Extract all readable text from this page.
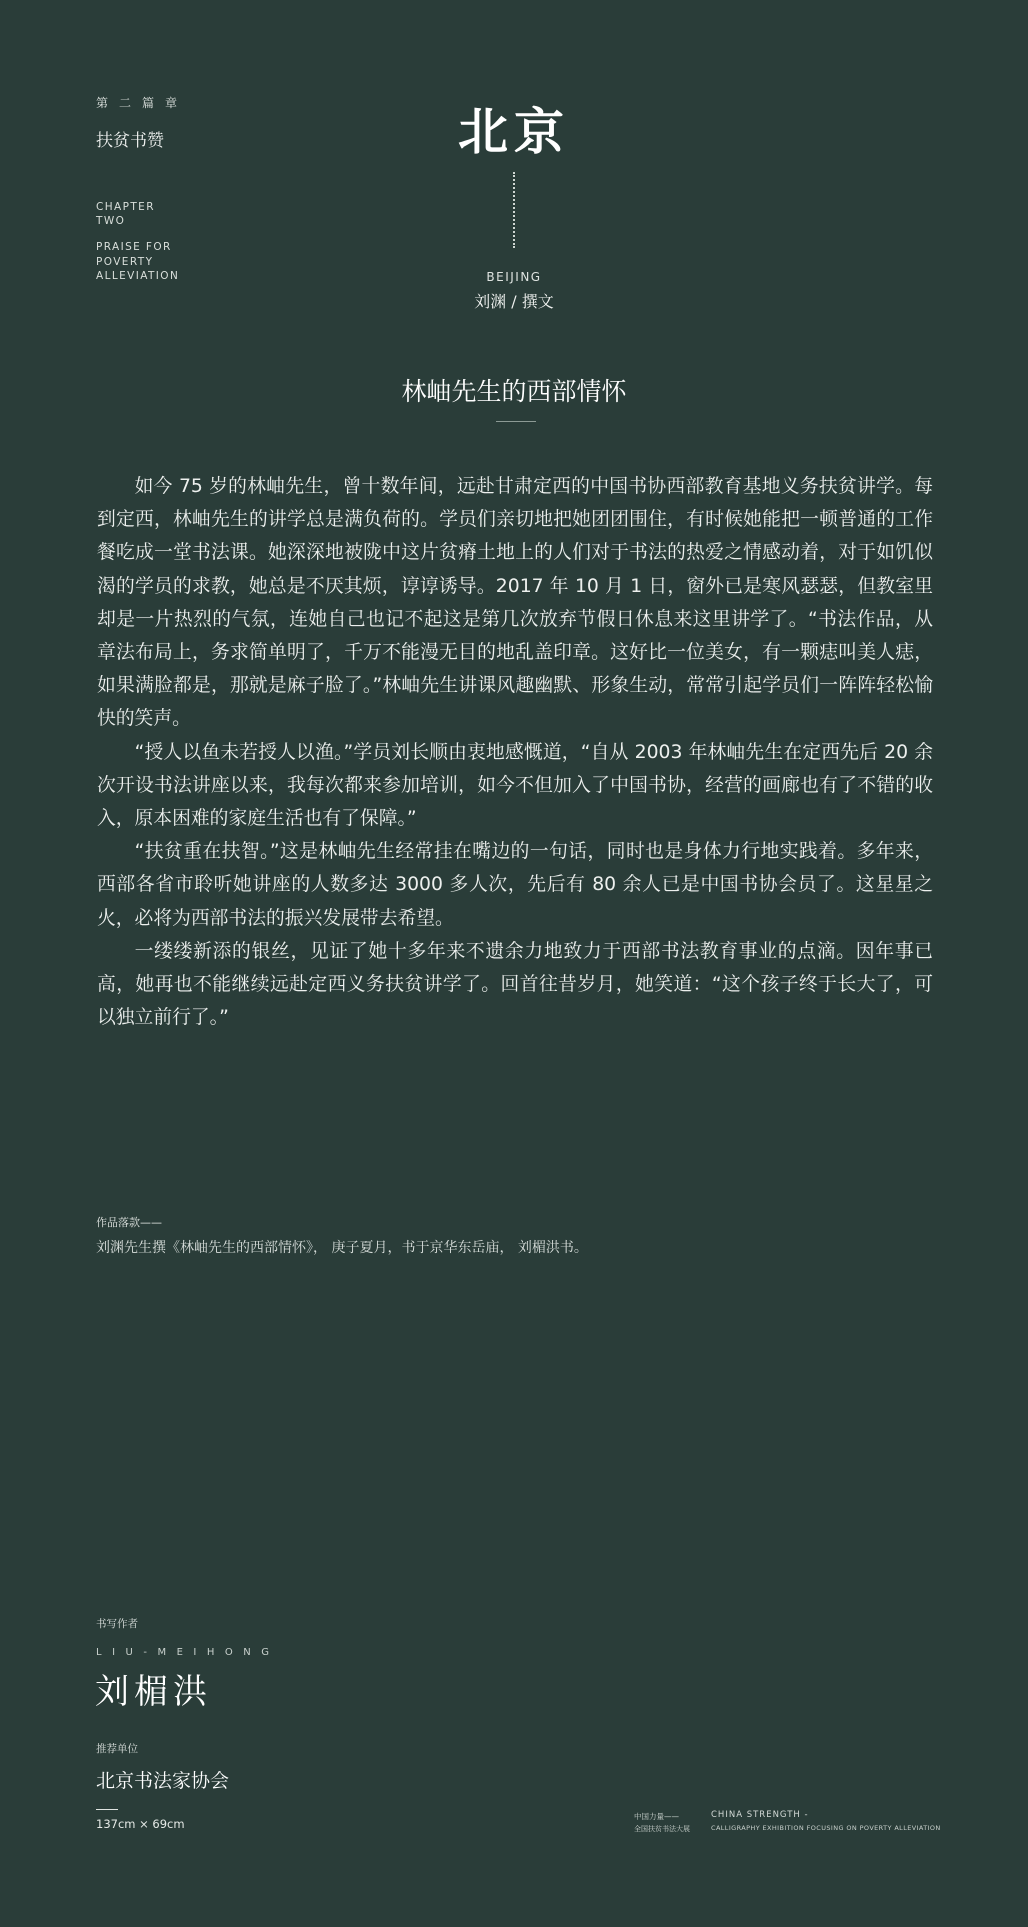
第二篇章
扶贫书赞
CHAPTER
TWO
PRAISE FOR
POVERTY
ALLEVIATION
北京
BEIJING
刘渊 / 撰文
林岫先生的西部情怀

如今 75 岁的林岫先生，曾十数年间，远赴甘肃定西的中国书协西部教育基地义务扶贫讲学。每到定西，林岫先生的讲学总是满负荷的。学员们亲切地把她团团围住，有时候她能把一顿普通的工作餐吃成一堂书法课。她深深地被陇中这片贫瘠土地上的人们对于书法的热爱之情感动着，对于如饥似渴的学员的求教，她总是不厌其烦，谆谆诱导。2017 年 10 月 1 日，窗外已是寒风瑟瑟，但教室里却是一片热烈的气氛，连她自己也记不起这是第几次放弃节假日休息来这里讲学了。“书法作品，从章法布局上，务求简单明了，千万不能漫无目的地乱盖印章。这好比一位美女，有一颗痣叫美人痣，如果满脸都是，那就是麻子脸了。”林岫先生讲课风趣幽默、形象生动，常常引起学员们一阵阵轻松愉快的笑声。

“授人以鱼未若授人以渔。”学员刘长顺由衷地感慨道，“自从 2003 年林岫先生在定西先后 20 余次开设书法讲座以来，我每次都来参加培训，如今不但加入了中国书协，经营的画廊也有了不错的收入，原本困难的家庭生活也有了保障。”

“扶贫重在扶智。”这是林岫先生经常挂在嘴边的一句话，同时也是身体力行地实践着。多年来，西部各省市聆听她讲座的人数多达 3000 多人次，先后有 80 余人已是中国书协会员了。这星星之火，必将为西部书法的振兴发展带去希望。

一缕缕新添的银丝，见证了她十多年来不遗余力地致力于西部书法教育事业的点滴。因年事已高，她再也不能继续远赴定西义务扶贫讲学了。回首往昔岁月，她笑道：“这个孩子终于长大了，可以独立前行了。”

作品落款——
刘渊先生撰《林岫先生的西部情怀》， 庚子夏月，书于京华东岳庙， 刘楣洪书。
书写作者
LIU-MEIHONG
刘楣洪
推荐单位
北京书法家协会
137cm × 69cm
中国力量——
全国扶贫书法大展
CHINA STRENGTH -
CALLIGRAPHY EXHIBITION FOCUSING ON POVERTY ALLEVIATION
